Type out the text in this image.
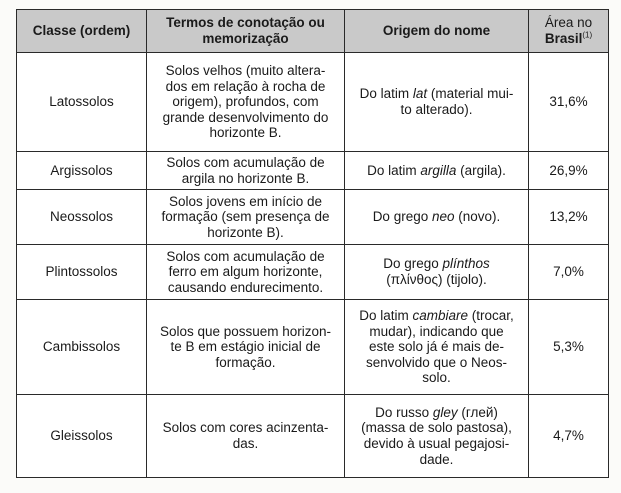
Classe (ordem)	Termos de conotação ou memorização	Origem do nome	Área no
Brasil$^{(1)}$
Latossolos	Solos velhos (muito altera-
dos em relação à rocha de
origem), profundos, com
grande desenvolvimento do
horizonte B.	Do latim lat (material mui-
to alterado).	31,6%
Argissolos	Solos com acumulação de
argila no horizonte B.	Do latim argilla (argila).	26,9%
Neossolos	Solos jovens em início de
formação (sem presença de
horizonte B).	Do grego neo (novo).	13,2%
Plintossolos	Solos com acumulação de
ferro em algum horizonte,
causando endurecimento.	Do grego plínthos
(πλίνθος) (tijolo).	7,0%
Cambissolos	Solos que possuem horizon-
te B em estágio inicial de
formação.	Do latim cambiare (trocar,
mudar), indicando que
este solo já é mais de-
senvolvido que o Neos-
solo.	5,3%
Gleissolos	Solos com cores acinzenta-
das.	Do russo gley (глей)
(massa de solo pastosa),
devido à usual pegajosi-
dade.	4,7%
